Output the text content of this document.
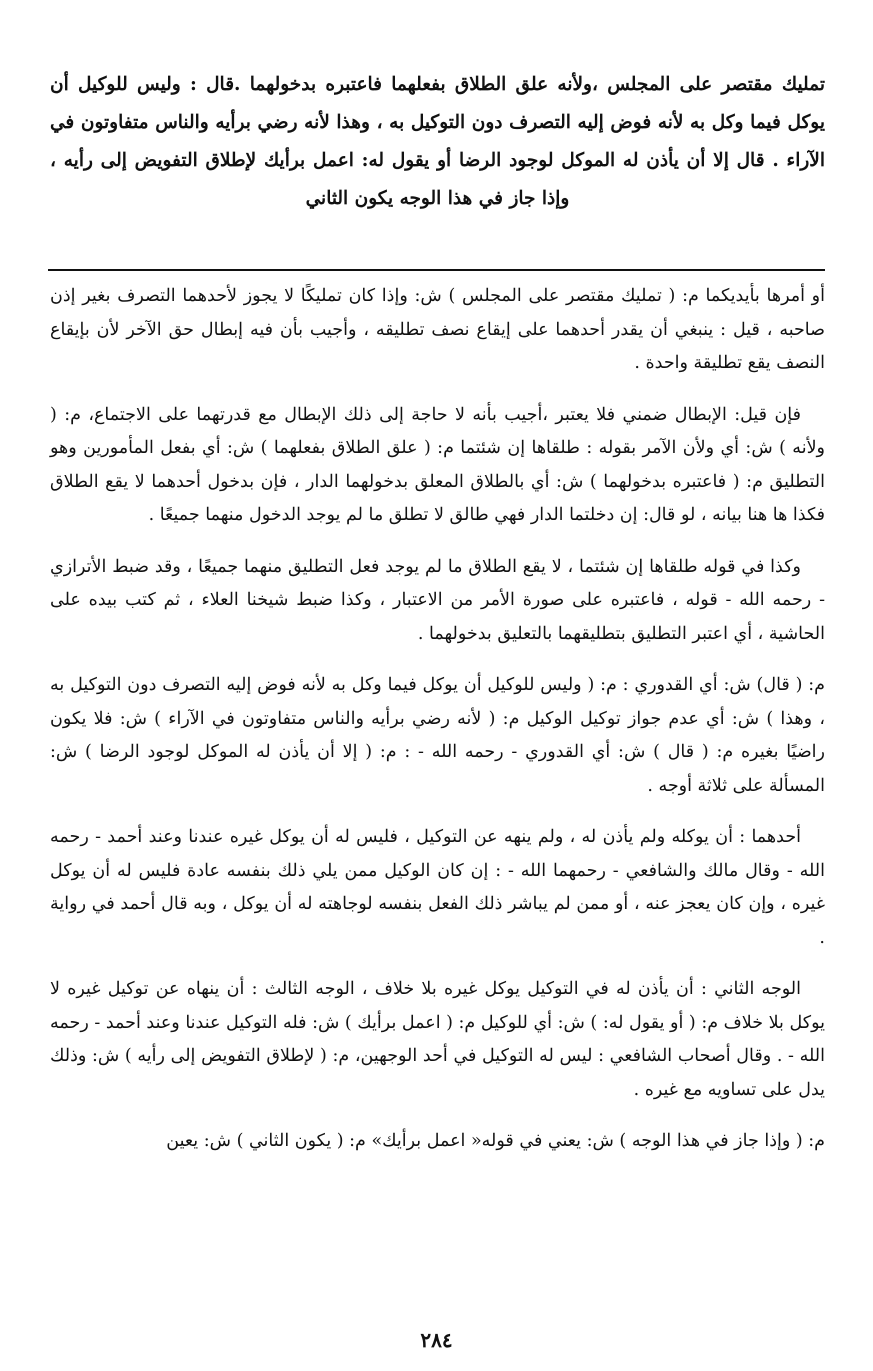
تمليك مقتصر على المجلس ،ولأنه علق الطلاق بفعلهما فاعتبره بدخولهما .قال : وليس للوكيل أن يوكل فيما وكل به لأنه فوض إليه التصرف دون التوكيل به ، وهذا لأنه رضي برأيه والناس متفاوتون في الآراء . قال إلا أن يأذن له الموكل لوجود الرضا أو يقول له: اعمل برأيك لإطلاق التفويض إلى رأيه ، وإذا جاز في هذا الوجه يكون الثاني

أو أمرها بأيديكما م: ( تمليك مقتصر على المجلس ) ش: وإذا كان تمليكًا لا يجوز لأحدهما التصرف بغير إذن صاحبه ، قيل : ينبغي أن يقدر أحدهما على إيقاع نصف تطليقه ، وأجيب بأن فيه إبطال حق الآخر لأن بإيقاع النصف يقع تطليقة واحدة .

فإن قيل: الإبطال ضمني فلا يعتبر ،أجيب بأنه لا حاجة إلى ذلك الإبطال مع قدرتهما على الاجتماع، م: ( ولأنه ) ش: أي ولأن الآمر بقوله : طلقاها إن شئتما م: ( علق الطلاق بفعلهما ) ش: أي بفعل المأمورين وهو التطليق م: ( فاعتبره بدخولهما ) ش: أي بالطلاق المعلق بدخولهما الدار ، فإن بدخول أحدهما لا يقع الطلاق فكذا ها هنا بيانه ، لو قال: إن دخلتما الدار فهي طالق لا تطلق ما لم يوجد الدخول منهما جميعًا .

وكذا في قوله طلقاها إن شئتما ، لا يقع الطلاق ما لم يوجد فعل التطليق منهما جميعًا ، وقد ضبط الأترازي - رحمه الله - قوله ، فاعتبره على صورة الأمر من الاعتبار ، وكذا ضبط شيخنا العلاء ، ثم كتب بيده على الحاشية ، أي اعتبر التطليق بتطليقهما بالتعليق بدخولهما .

م: ( قال) ش: أي القدوري : م: ( وليس للوكيل أن يوكل فيما وكل به لأنه فوض إليه التصرف دون التوكيل به ، وهذا ) ش: أي عدم جواز توكيل الوكيل م: ( لأنه رضي برأيه والناس متفاوتون في الآراء ) ش: فلا يكون راضيًا بغيره م: ( قال ) ش: أي القدوري - رحمه الله - : م: ( إلا أن يأذن له الموكل لوجود الرضا ) ش: المسألة على ثلاثة أوجه .

أحدهما : أن يوكله ولم يأذن له ، ولم ينهه عن التوكيل ، فليس له أن يوكل غيره عندنا وعند أحمد - رحمه الله - وقال مالك والشافعي - رحمهما الله - : إن كان الوكيل ممن يلي ذلك بنفسه عادة فليس له أن يوكل غيره ، وإن كان يعجز عنه ، أو ممن لم يباشر ذلك الفعل بنفسه لوجاهته له أن يوكل ، وبه قال أحمد في رواية .

الوجه الثاني : أن يأذن له في التوكيل يوكل غيره بلا خلاف ، الوجه الثالث : أن ينهاه عن توكيل غيره لا يوكل بلا خلاف م: ( أو يقول له: ) ش: أي للوكيل م: ( اعمل برأيك ) ش: فله التوكيل عندنا وعند أحمد - رحمه الله - . وقال أصحاب الشافعي : ليس له التوكيل في أحد الوجهين، م: ( لإطلاق التفويض إلى رأيه ) ش: وذلك يدل على تساويه مع غيره .

م: ( وإذا جاز في هذا الوجه ) ش: يعني في قوله« اعمل برأيك» م: ( يكون الثاني ) ش: يعين

٢٨٤
